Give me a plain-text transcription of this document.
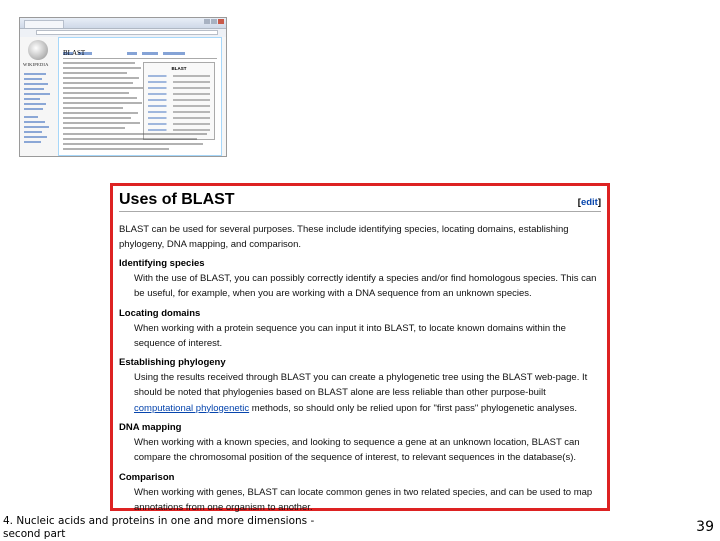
WIKIPEDIA
BLAST
BLAST
Uses of BLAST	[edit]

BLAST can be used for several purposes. These include identifying species, locating domains, establishing phylogeny, DNA mapping, and comparison.

Identifying species
With the use of BLAST, you can possibly correctly identify a species and/or find homologous species. This can be useful, for example, when you are working with a DNA sequence from an unknown species.
Locating domains
When working with a protein sequence you can input it into BLAST, to locate known domains within the sequence of interest.
Establishing phylogeny
Using the results received through BLAST you can create a phylogenetic tree using the BLAST web-page. It should be noted that phylogenies based on BLAST alone are less reliable than other purpose-built computational phylogenetic methods, so should only be relied upon for "first pass" phylogenetic analyses.
DNA mapping
When working with a known species, and looking to sequence a gene at an unknown location, BLAST can compare the chromosomal position of the sequence of interest, to relevant sequences in the database(s).
Comparison
When working with genes, BLAST can locate common genes in two related species, and can be used to map annotations from one organism to another.
4. Nucleic acids and proteins in one and more dimensions - second part	39
